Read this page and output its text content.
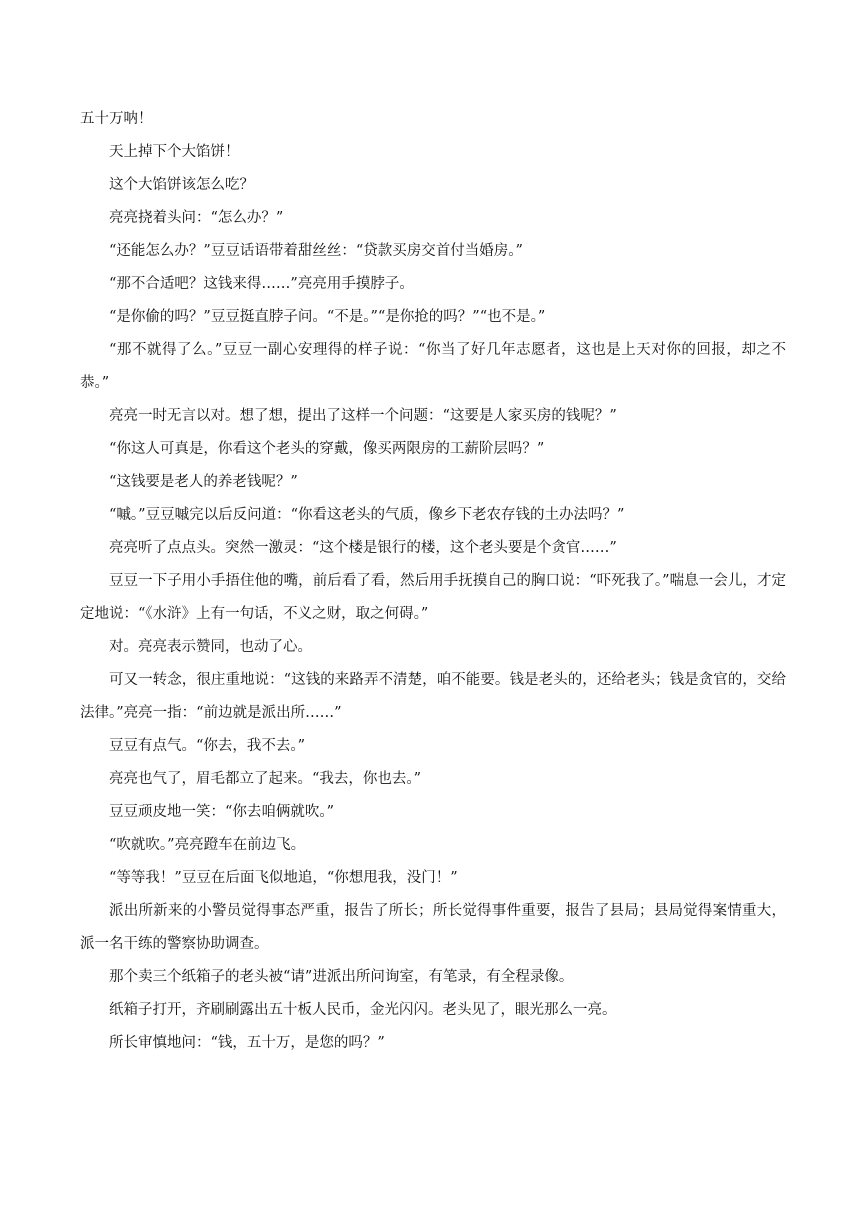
五十万呐！

天上掉下个大馅饼！

这个大馅饼该怎么吃？

亮亮挠着头问：“怎么办？”

“还能怎么办？”豆豆话语带着甜丝丝：“贷款买房交首付当婚房。”

“那不合适吧？这钱来得……”亮亮用手摸脖子。

“是你偷的吗？”豆豆挺直脖子问。“不是。”“是你抢的吗？”“也不是。”

“那不就得了么。”豆豆一副心安理得的样子说：“你当了好几年志愿者，这也是上天对你的回报，却之不恭。”

亮亮一时无言以对。想了想，提出了这样一个问题：“这要是人家买房的钱呢？”

“你这人可真是，你看这个老头的穿戴，像买两限房的工薪阶层吗？”

“这钱要是老人的养老钱呢？”

“嘁。”豆豆嘁完以后反问道：“你看这老头的气质，像乡下老农存钱的土办法吗？”

亮亮听了点点头。突然一激灵：“这个楼是银行的楼，这个老头要是个贪官……”

豆豆一下子用小手捂住他的嘴，前后看了看，然后用手抚摸自己的胸口说：“吓死我了。”喘息一会儿，才定定地说：“《水浒》上有一句话，不义之财，取之何碍。”

对。亮亮表示赞同，也动了心。

可又一转念，很庄重地说：“这钱的来路弄不清楚，咱不能要。钱是老头的，还给老头；钱是贪官的，交给法律。”亮亮一指：“前边就是派出所……”

豆豆有点气。“你去，我不去。”

亮亮也气了，眉毛都立了起来。“我去，你也去。”

豆豆顽皮地一笑：“你去咱俩就吹。”

“吹就吹。”亮亮蹬车在前边飞。

“等等我！”豆豆在后面飞似地追，“你想甩我，没门！”

派出所新来的小警员觉得事态严重，报告了所长；所长觉得事件重要，报告了县局；县局觉得案情重大，派一名干练的警察协助调查。

那个卖三个纸箱子的老头被“请”进派出所问询室，有笔录，有全程录像。

纸箱子打开，齐刷刷露出五十板人民币，金光闪闪。老头见了，眼光那么一亮。

所长审慎地问：“钱，五十万，是您的吗？”
